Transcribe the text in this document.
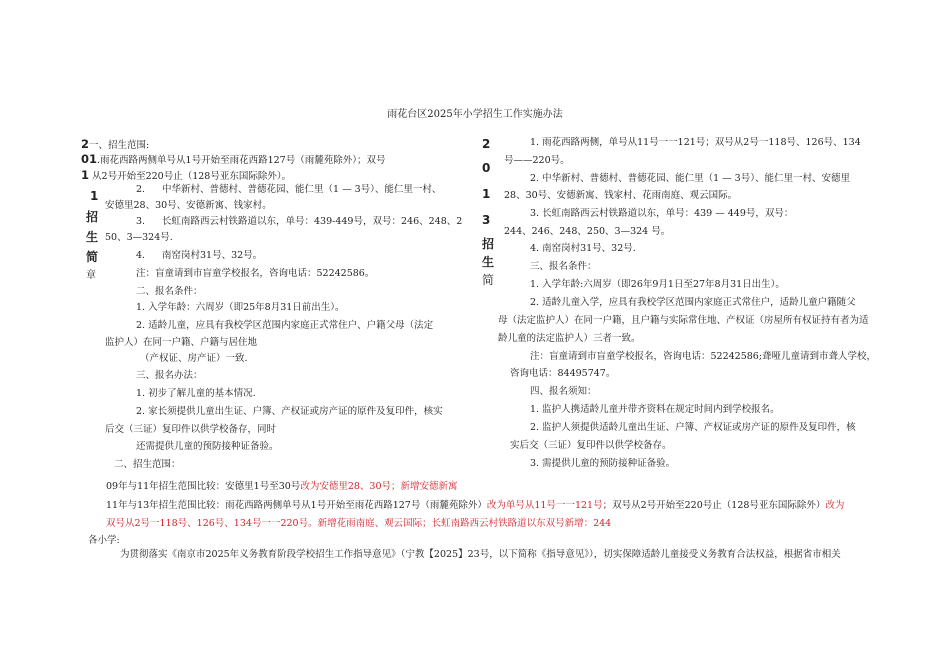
雨花台区2025年小学招生工作实施办法
2一、招生范围:
01.雨花西路两侧单号从1号开始至雨花西路127号（雨麓苑除外）；双号
1 从2号开始至220号止（128号亚东国际除外）。
2. 中华新村、普德村、普德花园、能仁里（1 — 3号）、能仁里一村、
安德里28、30号、安德新寓、钱家村。
3. 长虹南路西云村铁路道以东，单号：439-449号，双号：246、248、2
50、3—324号.
4. 南窑岗村31号、32号。
注：盲童请到市盲童学校报名，咨询电话：52242586。
二、报名条件：
1. 入学年龄：六周岁（即25年8月31日前出生）。
2. 适龄儿童，应具有我校学区范围内家庭正式常住户、户籍父母（法定
监护人）在同一户籍、户籍与居住地
（产权证、房产证）一致.
三、报名办法：
1. 初步了解儿童的基本情况.
2. 家长须提供儿童出生证、户簿、产权证或房产证的原件及复印件，核实
后交（三证）复印件以供学校备存，同时
还需提供儿童的预防接种证备验。
二、招生范围：
1
招
生
简
章
2
0
1
3
招
生
简
1. 雨花西路两侧，单号从11号一一121号；双号从2号一118号、126号、134
号——220号。
2. 中华新村、普德村、普德花园、能仁里（1 — 3号）、能仁里一村、安德里
28、30号、安德新寓、钱家村、花雨南庭、观云国际。
3. 长虹南路西云村铁路道以东，单号：439 — 449号，双号：
244、246、248、250、3—324 号。
4. 南窑岗村31号、32号.
三、报名条件：
1. 入学年龄:六周岁（即26年9月1日至27年8月31日出生）。
2. 适龄儿童入学，应具有我校学区范围内家庭正式常住户，适龄儿童户籍随父
母（法定监护人）在同一户籍，且户籍与实际常住地、产权证（房屋所有权证持有者为适
龄儿童的法定监护人）三者一致。
注：盲童请到市盲童学校报名，咨询电话：52242586;聋哑儿童请到市聋人学校，
咨询电话：84495747。
四、报名须知：
1. 监护人携适龄儿童并带齐资料在规定时间内到学校报名。
2. 监护人须提供适龄儿童出生证、户簿、产权证或房产证的原件及复印件，核
实后交（三证）复印件以供学校备存。
3. 需提供儿童的预防接种证备验。
09年与11年招生范围比较：安德里1号至30号改为安德里28、30号；新增安德新寓
11年与13年招生范围比较：雨花西路两侧单号从1号开始至雨花西路127号（雨麓苑除外）改为单号从11号一一121号；双号从2号开始至220号止（128号亚东国际除外）改为
双号从2号一118号、126号、134号一一220号。新增花雨南庭、观云国际；长虹南路西云村铁路道以东双号新增：244
各小学:
为贯彻落实《南京市2025年义务教育阶段学校招生工作指导意见》（宁教【2025】23号，以下简称《指导意见》），切实保障适龄儿童接受义务教育合法权益，根据省市相关
